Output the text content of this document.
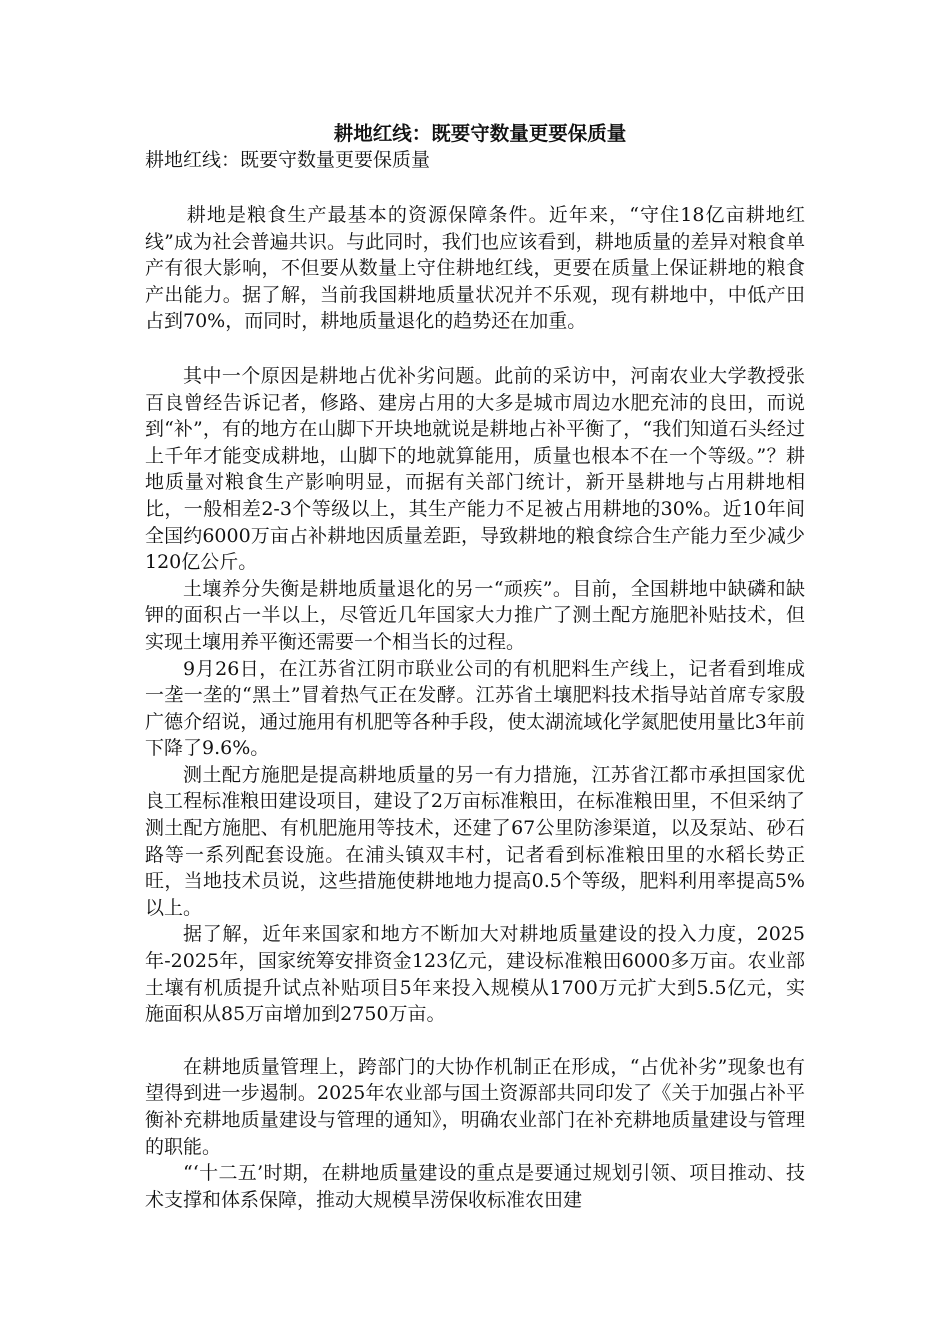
耕地红线：既要守数量更要保质量

耕地红线：既要守数量更要保质量

耕地是粮食生产最基本的资源保障条件。近年来，“守住18亿亩耕地红线”成为社会普遍共识。与此同时，我们也应该看到，耕地质量的差异对粮食单产有很大影响，不但要从数量上守住耕地红线，更要在质量上保证耕地的粮食产出能力。据了解，当前我国耕地质量状况并不乐观，现有耕地中，中低产田占到70%，而同时，耕地质量退化的趋势还在加重。

其中一个原因是耕地占优补劣问题。此前的采访中，河南农业大学教授张百良曾经告诉记者，修路、建房占用的大多是城市周边水肥充沛的良田，而说到“补”，有的地方在山脚下开块地就说是耕地占补平衡了，“我们知道石头经过上千年才能变成耕地，山脚下的地就算能用，质量也根本不在一个等级。”？耕地质量对粮食生产影响明显，而据有关部门统计，新开垦耕地与占用耕地相比，一般相差2-3个等级以上，其生产能力不足被占用耕地的30%。近10年间全国约6000万亩占补耕地因质量差距，导致耕地的粮食综合生产能力至少减少120亿公斤。

土壤养分失衡是耕地质量退化的另一“顽疾”。目前，全国耕地中缺磷和缺钾的面积占一半以上，尽管近几年国家大力推广了测土配方施肥补贴技术，但实现土壤用养平衡还需要一个相当长的过程。

9月26日，在江苏省江阴市联业公司的有机肥料生产线上，记者看到堆成一垄一垄的“黑土”冒着热气正在发酵。江苏省土壤肥料技术指导站首席专家殷广德介绍说，通过施用有机肥等各种手段，使太湖流域化学氮肥使用量比3年前下降了9.6%。

测土配方施肥是提高耕地质量的另一有力措施，江苏省江都市承担国家优良工程标准粮田建设项目，建设了2万亩标准粮田，在标准粮田里，不但采纳了测土配方施肥、有机肥施用等技术，还建了67公里防渗渠道，以及泵站、砂石路等一系列配套设施。在浦头镇双丰村，记者看到标准粮田里的水稻长势正旺，当地技术员说，这些措施使耕地地力提高0.5个等级，肥料利用率提高5%以上。

据了解，近年来国家和地方不断加大对耕地质量建设的投入力度，2025年-2025年，国家统筹安排资金123亿元，建设标准粮田6000多万亩。农业部土壤有机质提升试点补贴项目5年来投入规模从1700万元扩大到5.5亿元，实施面积从85万亩增加到2750万亩。

在耕地质量管理上，跨部门的大协作机制正在形成，“占优补劣”现象也有望得到进一步遏制。2025年农业部与国土资源部共同印发了《关于加强占补平衡补充耕地质量建设与管理的通知》，明确农业部门在补充耕地质量建设与管理的职能。

“‘十二五’时期，在耕地质量建设的重点是要通过规划引领、项目推动、技术支撑和体系保障，推动大规模旱涝保收标准农田建
